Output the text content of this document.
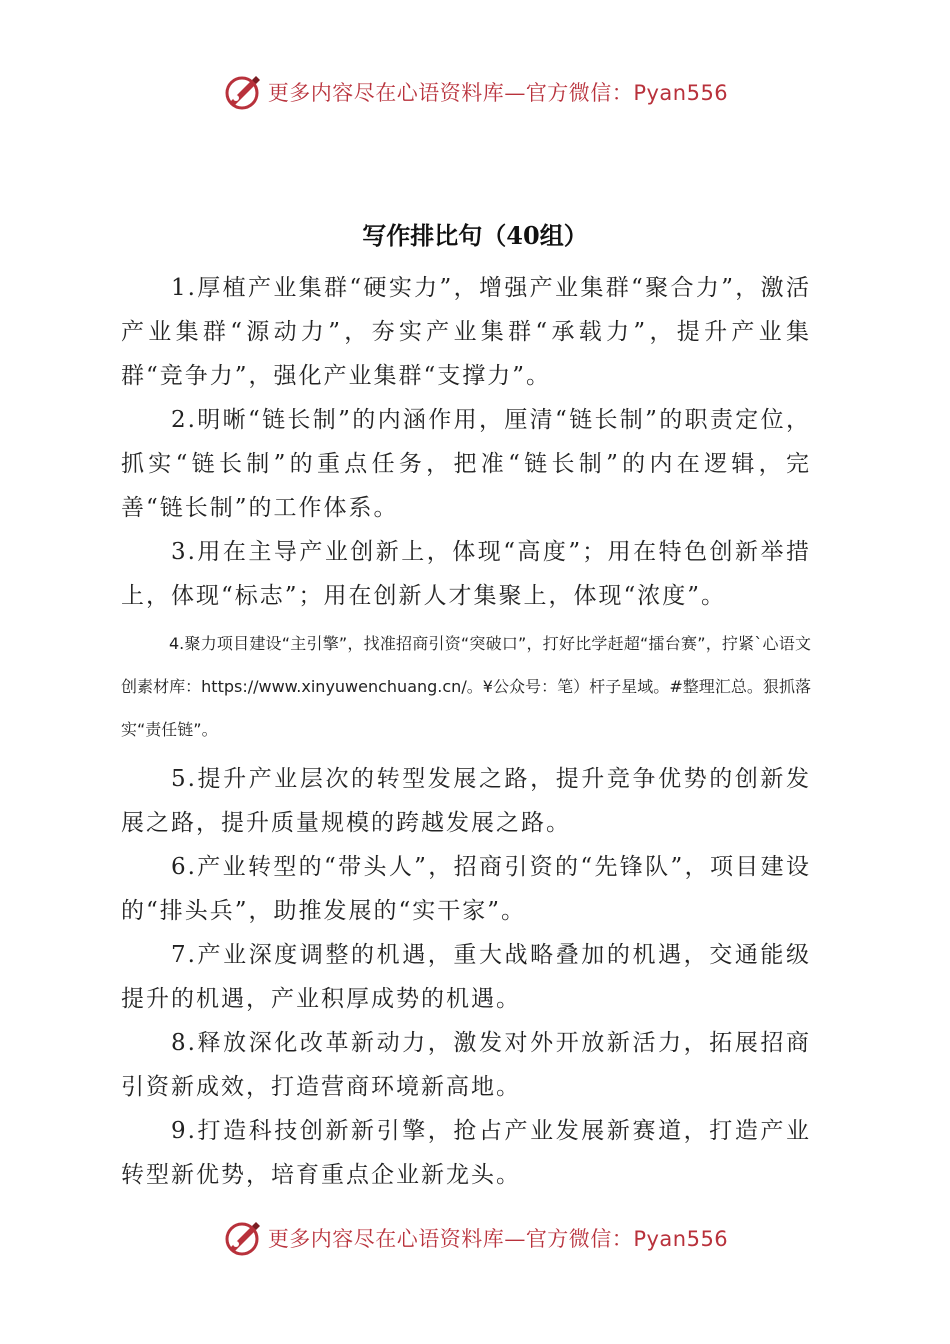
更多内容尽在心语资料库—官方微信：Pyan556
写作排比句（40组）

1.厚植产业集群“硬实力”，增强产业集群“聚合力”，激活产业集群“源动力”，夯实产业集群“承载力”，提升产业集群“竞争力”，强化产业集群“支撑力”。

2.明晰“链长制”的内涵作用，厘清“链长制”的职责定位，抓实“链长制”的重点任务，把准“链长制”的内在逻辑，完善“链长制”的工作体系。

3.用在主导产业创新上，体现“高度”；用在特色创新举措上，体现“标志”；用在创新人才集聚上，体现“浓度”。

4.聚力项目建设“主引擎”，找准招商引资“突破口”，打好比学赶超“擂台赛”，拧紧`心语文创素材库：https://www.xinyuwenchuang.cn/。¥公众号：笔）杆子星域。#整理汇总。狠抓落实“责任链”。

5.提升产业层次的转型发展之路，提升竞争优势的创新发展之路，提升质量规模的跨越发展之路。

6.产业转型的“带头人”，招商引资的“先锋队”，项目建设的“排头兵”，助推发展的“实干家”。

7.产业深度调整的机遇，重大战略叠加的机遇，交通能级提升的机遇，产业积厚成势的机遇。

8.释放深化改革新动力，激发对外开放新活力，拓展招商引资新成效，打造营商环境新高地。

9.打造科技创新新引擎，抢占产业发展新赛道，打造产业转型新优势，培育重点企业新龙头。

更多内容尽在心语资料库—官方微信：Pyan556
